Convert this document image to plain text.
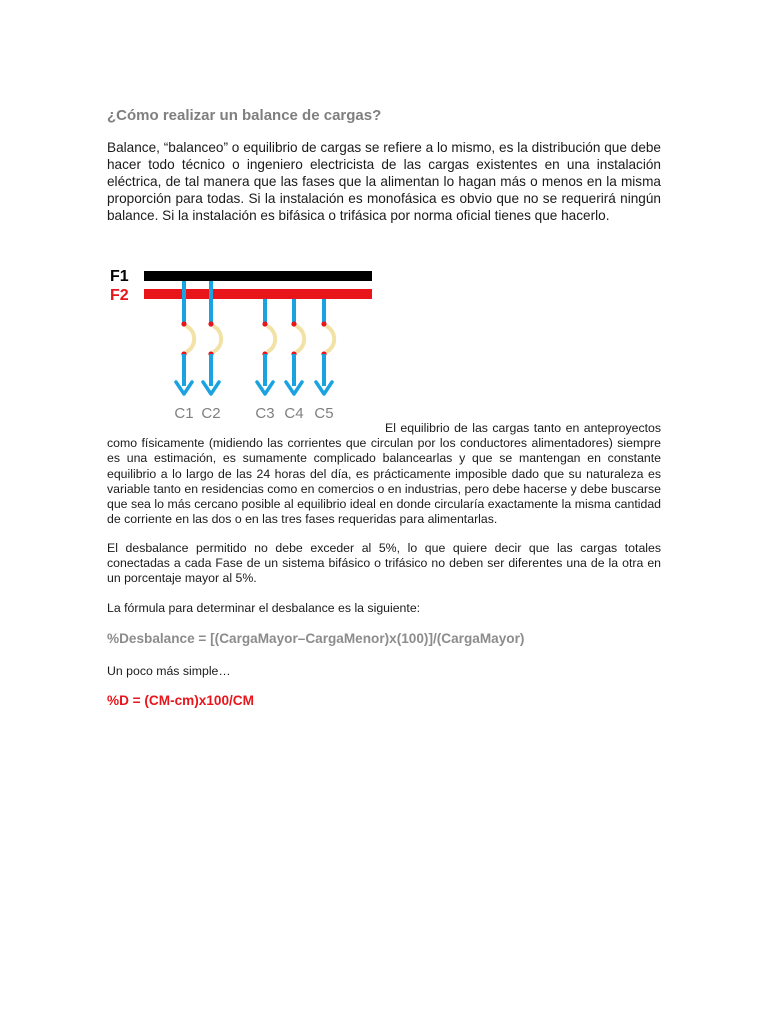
¿Cómo realizar un balance de cargas?

Balance, “balanceo” o equilibrio de cargas se refiere a lo mismo, es la distribución que debe hacer todo técnico o ingeniero electricista de las cargas existentes en una instalación eléctrica, de tal manera que las fases que la alimentan lo hagan más o menos en la misma proporción para todas. Si la instalación es monofásica es obvio que no se requerirá ningún balance. Si la instalación es bifásica o trifásica por norma oficial tienes que hacerlo.

F1
F2
C1 C2 C3 C4 C5

El equilibrio de las cargas tanto en anteproyectos como físicamente (midiendo las corrientes que circulan por los conductores alimentadores) siempre es una estimación, es sumamente complicado balancearlas y que se mantengan en constante equilibrio a lo largo de las 24 horas del día, es prácticamente imposible dado que su naturaleza es variable tanto en residencias como en comercios o en industrias, pero debe hacerse y debe buscarse que sea lo más cercano posible al equilibrio ideal en donde circularía exactamente la misma cantidad de corriente en las dos o en las tres fases requeridas para alimentarlas.

El desbalance permitido no debe exceder al 5%, lo que quiere decir que las cargas totales conectadas a cada Fase de un sistema bifásico o trifásico no deben ser diferentes una de la otra en un porcentaje mayor al 5%.

La fórmula para determinar el desbalance es la siguiente:

%Desbalance = [(CargaMayor–CargaMenor)x(100)]/(CargaMayor)

Un poco más simple…

%D = (CM-cm)x100/CM
